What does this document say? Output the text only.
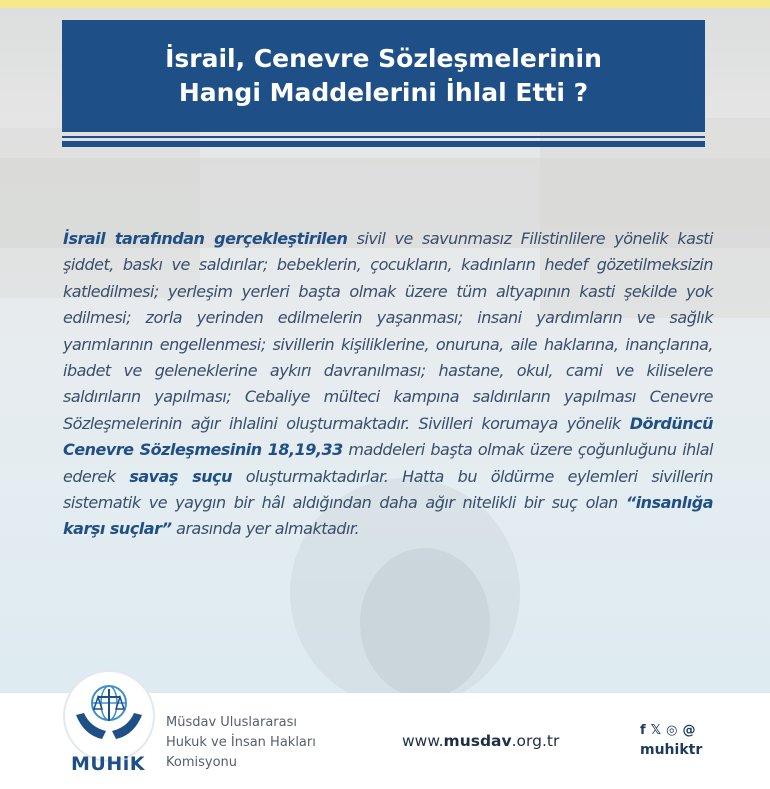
İsrail, Cenevre Sözleşmelerinin
Hangi Maddelerini İhlal Etti ?
İsrail tarafından gerçekleştirilen sivil ve savunmasız Filistinlilere yönelik kasti şiddet, baskı ve saldırılar; bebeklerin, çocukların, kadınların hedef gözetilmeksizin katledilmesi; yerleşim yerleri başta olmak üzere tüm altyapının kasti şekilde yok edilmesi; zorla yerinden edilmelerin yaşanması; insani yardımların ve sağlık yarımlarının engellenmesi; sivillerin kişiliklerine, onuruna, aile haklarına, inançlarına, ibadet ve geleneklerine aykırı davranılması; hastane, okul, cami ve kiliselere saldırıların yapılması; Cebaliye mülteci kampına saldırıların yapılması Cenevre Sözleşmelerinin ağır ihlalini oluşturmaktadır. Sivilleri korumaya yönelik Dördüncü Cenevre Sözleşmesinin 18,19,33 maddeleri başta olmak üzere çoğunluğunu ihlal ederek savaş suçu oluşturmaktadırlar. Hatta bu öldürme eylemleri sivillerin sistematik ve yaygın bir hâl aldığından daha ağır nitelikli bir suç olan “insanlığa karşı suçlar” arasında yer almaktadır.
MUHiK
Müsdav Uluslararası
Hukuk ve İnsan Hakları
Komisyonu
www.musdav.org.tr
f 𝕏 ◎ @
muhiktr
